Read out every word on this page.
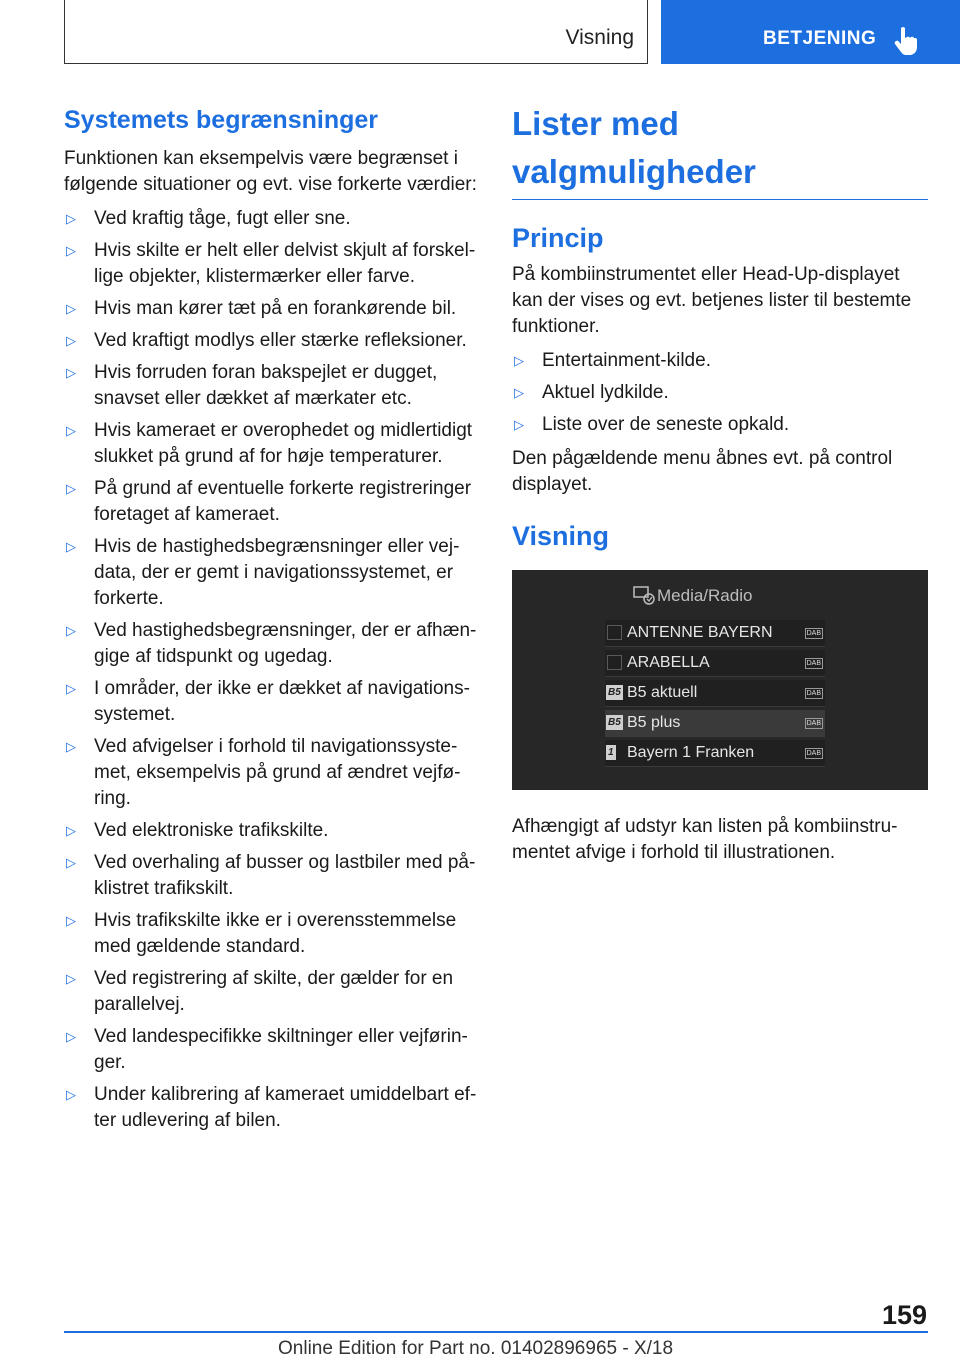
Visning	BETJENING
Systemets begrænsninger

Funktionen kan eksempelvis være begrænset i følgende situationer og evt. vise forkerte værdier:

▷ Ved kraftig tåge, fugt eller sne.
▷ Hvis skilte er helt eller delvist skjult af forskel‐lige objekter, klistermærker eller farve.
▷ Hvis man kører tæt på en forankørende bil.
▷ Ved kraftigt modlys eller stærke refleksioner.
▷ Hvis forruden foran bakspejlet er dugget, snavset eller dækket af mærkater etc.
▷ Hvis kameraet er overophedet og midlertidigt slukket på grund af for høje temperaturer.
▷ På grund af eventuelle forkerte registreringer foretaget af kameraet.
▷ Hvis de hastighedsbegrænsninger eller vej‐data, der er gemt i navigationssystemet, er forkerte.
▷ Ved hastighedsbegrænsninger, der er afhæn‐gige af tidspunkt og ugedag.
▷ I områder, der ikke er dækket af navigations‐systemet.
▷ Ved afvigelser i forhold til navigationssyste‐met, eksempelvis på grund af ændret vejfø‐ring.
▷ Ved elektroniske trafikskilte.
▷ Ved overhaling af busser og lastbiler med på‐klistret trafikskilt.
▷ Hvis trafikskilte ikke er i overensstemmelse med gældende standard.
▷ Ved registrering af skilte, der gælder for en parallelvej.
▷ Ved landespecifikke skiltninger eller vejførin‐ger.
▷ Under kalibrering af kameraet umiddelbart ef‐ter udlevering af bilen.
Lister med valgmuligheder
Princip

På kombiinstrumentet eller Head-Up-displayet kan der vises og evt. betjenes lister til bestemte funktioner.

▷ Entertainment-kilde.
▷ Aktuel lydkilde.
▷ Liste over de seneste opkald.

Den pågældende menu åbnes evt. på control displayet.

Visning
Media/Radio
ANTENNE BAYERN	DAB
ARABELLA	DAB
B5 B5 aktuell	DAB
B5 B5 plus	DAB
1 Bayern 1 Franken	DAB

Afhængigt af udstyr kan listen på kombiinstru‐mentet afvige i forhold til illustrationen.

159
Online Edition for Part no. 01402896965 - X/18
